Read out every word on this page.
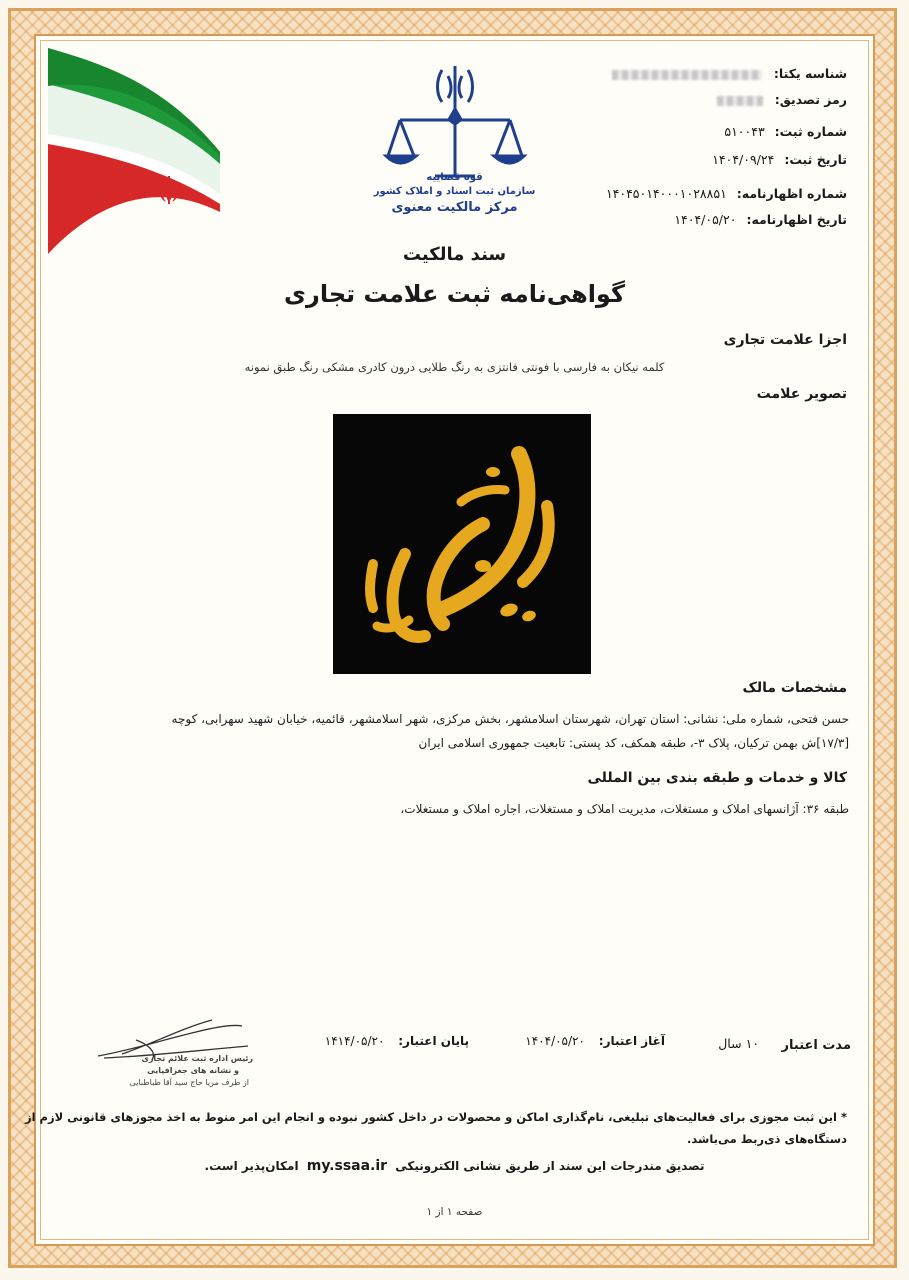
قوه قضاییه
سازمان ثبت اسناد و املاک کشور
مرکز مالکیت معنوی
شناسه یکتا:
رمز تصدیق:
شماره ثبت:۵۱۰۰۴۳
تاریخ ثبت:۱۴۰۴/۰۹/۲۴
شماره اظهارنامه:۱۴۰۴۵۰۱۴۰۰۰۱۰۲۸۸۵۱
تاریخ اظهارنامه:۱۴۰۴/۰۵/۲۰
سند مالکیت
گواهی‌نامه ثبت علامت تجاری
اجزا علامت تجاری
کلمه نیکان به فارسی با فونتی فانتزی به رنگ طلایی درون کادری مشکی رنگ طبق نمونه
تصویر علامت
نیکان
مشخصات مالک
حسن فتحی، شماره ملی: نشانی: استان تهران، شهرستان اسلامشهر، بخش مرکزی، شهر اسلامشهر، قائمیه، خیابان شهید سهرابی، کوچه
[۱۷/۳]ش بهمن ترکیان، پلاک ۳-، طبقه همکف، کد پستی: تابعیت جمهوری اسلامی ایران
کالا و خدمات و طبقه بندی بین المللی
طبقه ۳۶: آژانسهای املاک و مستغلات، مدیریت املاک و مستغلات، اجاره املاک و مستغلات،
مدت اعتبار
۱۰ سال
آغاز اعتبار: ۱۴۰۴/۰۵/۲۰
پایان اعتبار: ۱۴۱۴/۰۵/۲۰
رئیس اداره ثبت علائم تجاری
و نشانه های جغرافیایی
از طرف مریا حاج سید آقا طباطبایی
* این ثبت مجوزی برای فعالیت‌های تبلیغی، نام‌گذاری اماکن و محصولات در داخل کشور نبوده و انجام این امر منوط به اخذ مجوزهای قانونی لازم از
دستگاه‌های ذی‌ربط می‌باشد.
تصدیق مندرجات این سند از طریق نشانی الکترونیکی my.ssaa.ir امکان‌پذیر است.
صفحه ۱ از ۱
